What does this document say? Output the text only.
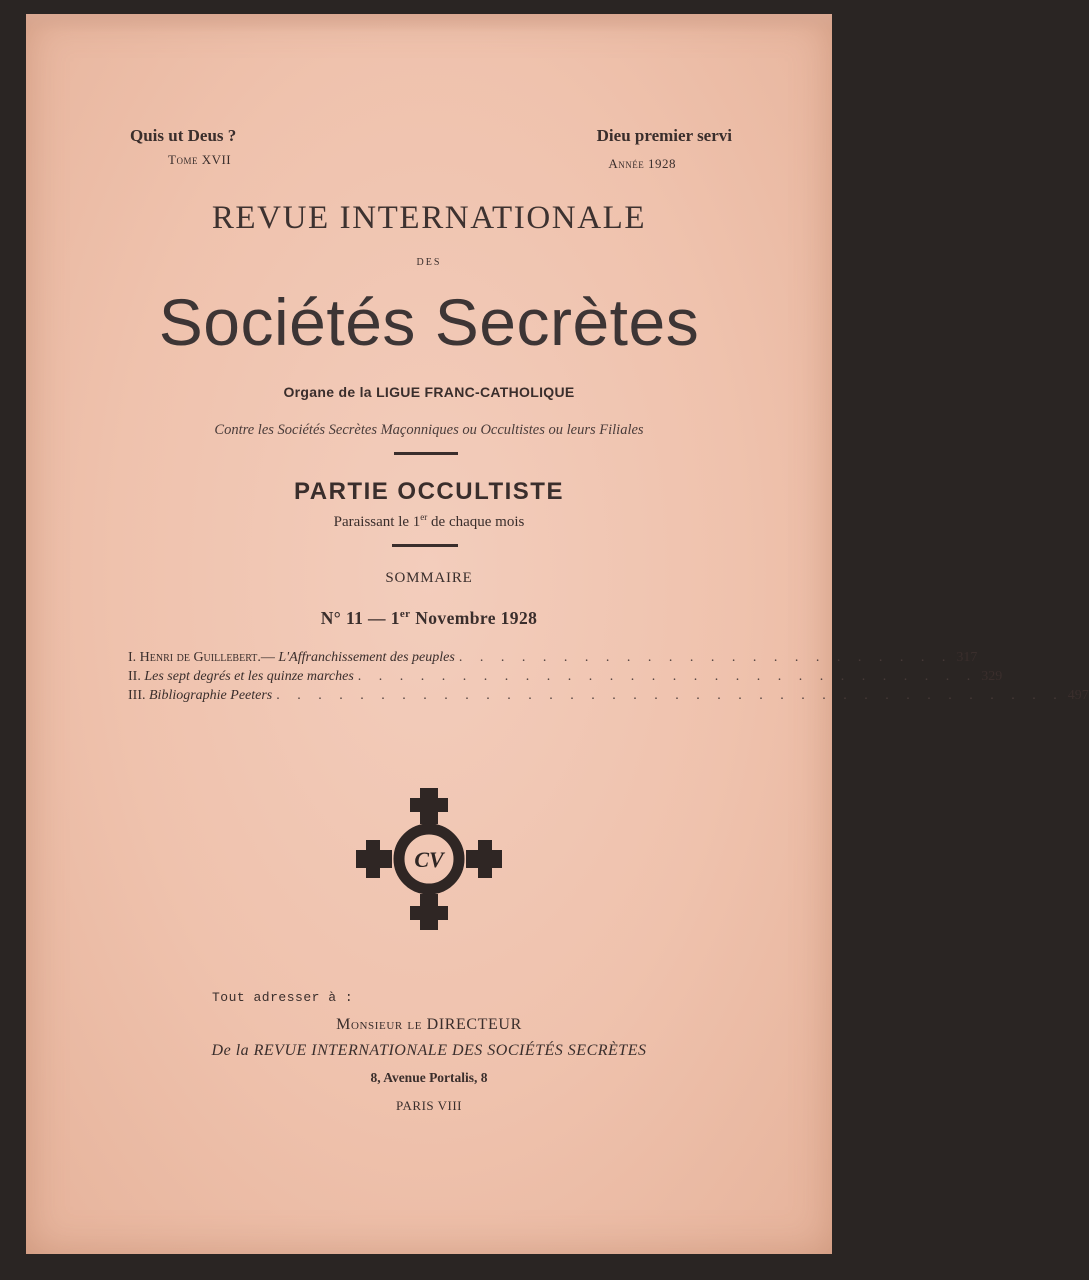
Quis ut Deus ?
Tome XVII
Dieu premier servi
Année 1928
REVUE INTERNATIONALE
des
Sociétés Secrètes
Organe de la LIGUE FRANC-CATHOLIQUE
Contre les Sociétés Secrètes Maçonniques ou Occultistes ou leurs Filiales
PARTIE OCCULTISTE
Paraissant le 1er de chaque mois
SOMMAIRE
N° 11 — 1er Novembre 1928
I. Henri de Guillebert.— L'Affranchissement des peuples . . . . . . . . . . . . . . . . . . . . . . . . 317
II. Les sept degrés et les quinze marches . . . . . . . . . . . . . . . . . . . . . . . . . . . . . . 329
III. Bibliographie Peeters . . . . . . . . . . . . . . . . . . . . . . . . . . . . . . . . . . . . . . 497
CV
Tout adresser à :
Monsieur le DIRECTEUR
De la REVUE INTERNATIONALE DES SOCIÉTÉS SECRÈTES
8, Avenue Portalis, 8
PARIS VIII
